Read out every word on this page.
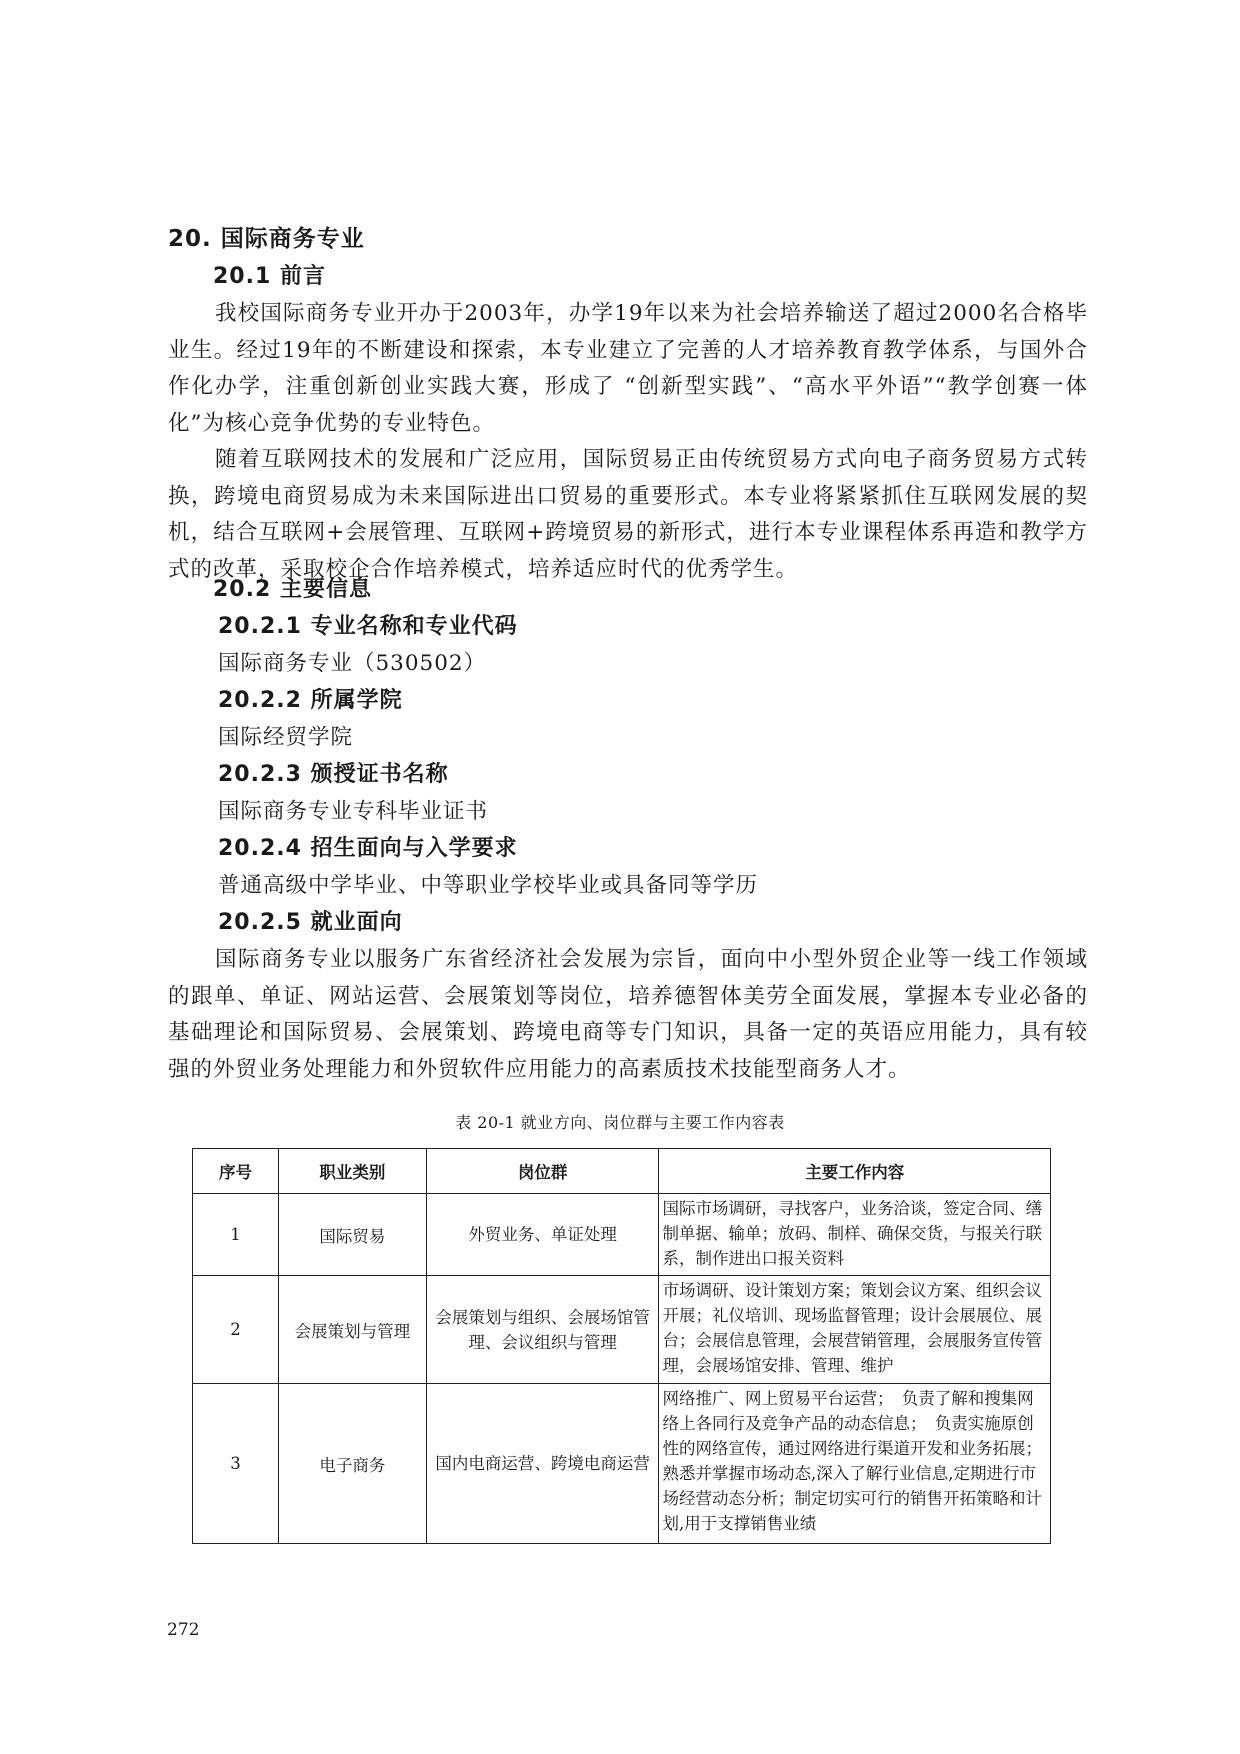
20. 国际商务专业
20.1 前言

我校国际商务专业开办于2003年，办学19年以来为社会培养输送了超过2000名合格毕业生。经过19年的不断建设和探索，本专业建立了完善的人才培养教育教学体系，与国外合作化办学，注重创新创业实践大赛，形成了 “创新型实践”、“高水平外语”“教学创赛一体化”为核心竞争优势的专业特色。

随着互联网技术的发展和广泛应用，国际贸易正由传统贸易方式向电子商务贸易方式转换，跨境电商贸易成为未来国际进出口贸易的重要形式。本专业将紧紧抓住互联网发展的契机，结合互联网+会展管理、互联网+跨境贸易的新形式，进行本专业课程体系再造和教学方式的改革，采取校企合作培养模式，培养适应时代的优秀学生。

20.2 主要信息
20.2.1 专业名称和专业代码

国际商务专业（530502）

20.2.2 所属学院

国际经贸学院

20.2.3 颁授证书名称

国际商务专业专科毕业证书

20.2.4 招生面向与入学要求

普通高级中学毕业、中等职业学校毕业或具备同等学历

20.2.5 就业面向

国际商务专业以服务广东省经济社会发展为宗旨，面向中小型外贸企业等一线工作领域的跟单、单证、网站运营、会展策划等岗位，培养德智体美劳全面发展，掌握本专业必备的基础理论和国际贸易、会展策划、跨境电商等专门知识，具备一定的英语应用能力，具有较强的外贸业务处理能力和外贸软件应用能力的高素质技术技能型商务人才。

表 20-1 就业方向、岗位群与主要工作内容表

序号	职业类别	岗位群	主要工作内容
1	国际贸易	外贸业务、单证处理	国际市场调研，寻找客户，业务洽谈，签定合同、缮制单据、输单；放码、制样、确保交货，与报关行联系，制作进出口报关资料
2	会展策划与管理	会展策划与组织、会展场馆管理、会议组织与管理	市场调研、设计策划方案；策划会议方案、组织会议开展；礼仪培训、现场监督管理；设计会展展位、展台；会展信息管理，会展营销管理，会展服务宣传管理，会展场馆安排、管理、维护
3	电子商务	国内电商运营、跨境电商运营	网络推广、网上贸易平台运营；　负责了解和搜集网络上各同行及竞争产品的动态信息；　负责实施原创性的网络宣传，通过网络进行渠道开发和业务拓展；熟悉并掌握市场动态,深入了解行业信息,定期进行市场经营动态分析；制定切实可行的销售开拓策略和计划,用于支撑销售业绩

272
